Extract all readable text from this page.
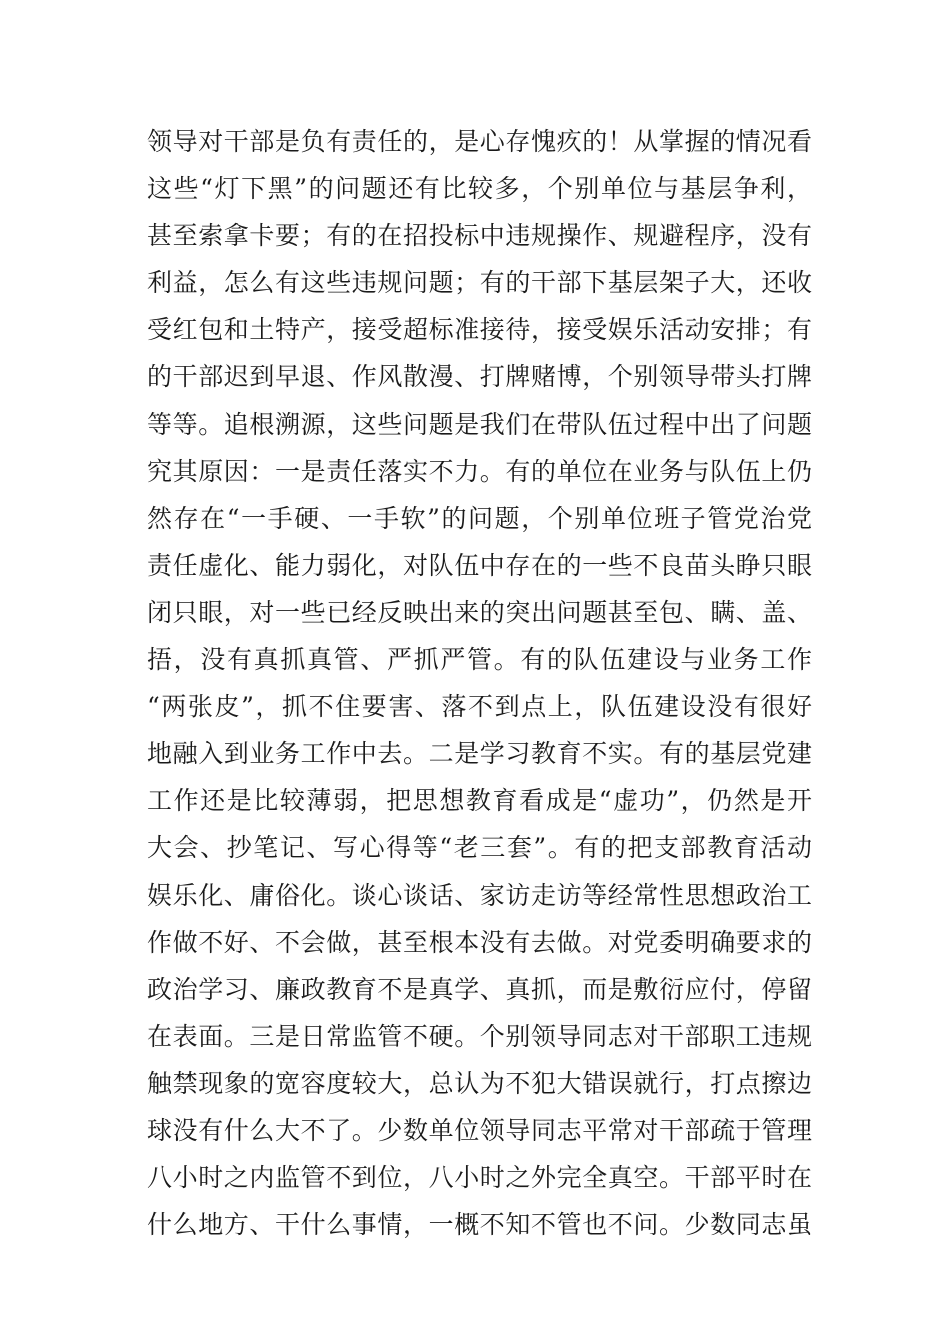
领导对干部是负有责任的，是心存愧疚的！从掌握的情况看
这些“灯下黑”的问题还有比较多，个别单位与基层争利，
甚至索拿卡要；有的在招投标中违规操作、规避程序，没有
利益，怎么有这些违规问题；有的干部下基层架子大，还收
受红包和土特产，接受超标准接待，接受娱乐活动安排；有
的干部迟到早退、作风散漫、打牌赌博，个别领导带头打牌
等等。追根溯源，这些问题是我们在带队伍过程中出了问题
究其原因：一是责任落实不力。有的单位在业务与队伍上仍
然存在“一手硬、一手软”的问题，个别单位班子管党治党
责任虚化、能力弱化，对队伍中存在的一些不良苗头睁只眼
闭只眼，对一些已经反映出来的突出问题甚至包、瞒、盖、
捂，没有真抓真管、严抓严管。有的队伍建设与业务工作
“两张皮”，抓不住要害、落不到点上，队伍建设没有很好
地融入到业务工作中去。二是学习教育不实。有的基层党建
工作还是比较薄弱，把思想教育看成是“虚功”，仍然是开
大会、抄笔记、写心得等“老三套”。有的把支部教育活动
娱乐化、庸俗化。谈心谈话、家访走访等经常性思想政治工
作做不好、不会做，甚至根本没有去做。对党委明确要求的
政治学习、廉政教育不是真学、真抓，而是敷衍应付，停留
在表面。三是日常监管不硬。个别领导同志对干部职工违规
触禁现象的宽容度较大，总认为不犯大错误就行，打点擦边
球没有什么大不了。少数单位领导同志平常对干部疏于管理
八小时之内监管不到位，八小时之外完全真空。干部平时在
什么地方、干什么事情，一概不知不管也不问。少数同志虽
